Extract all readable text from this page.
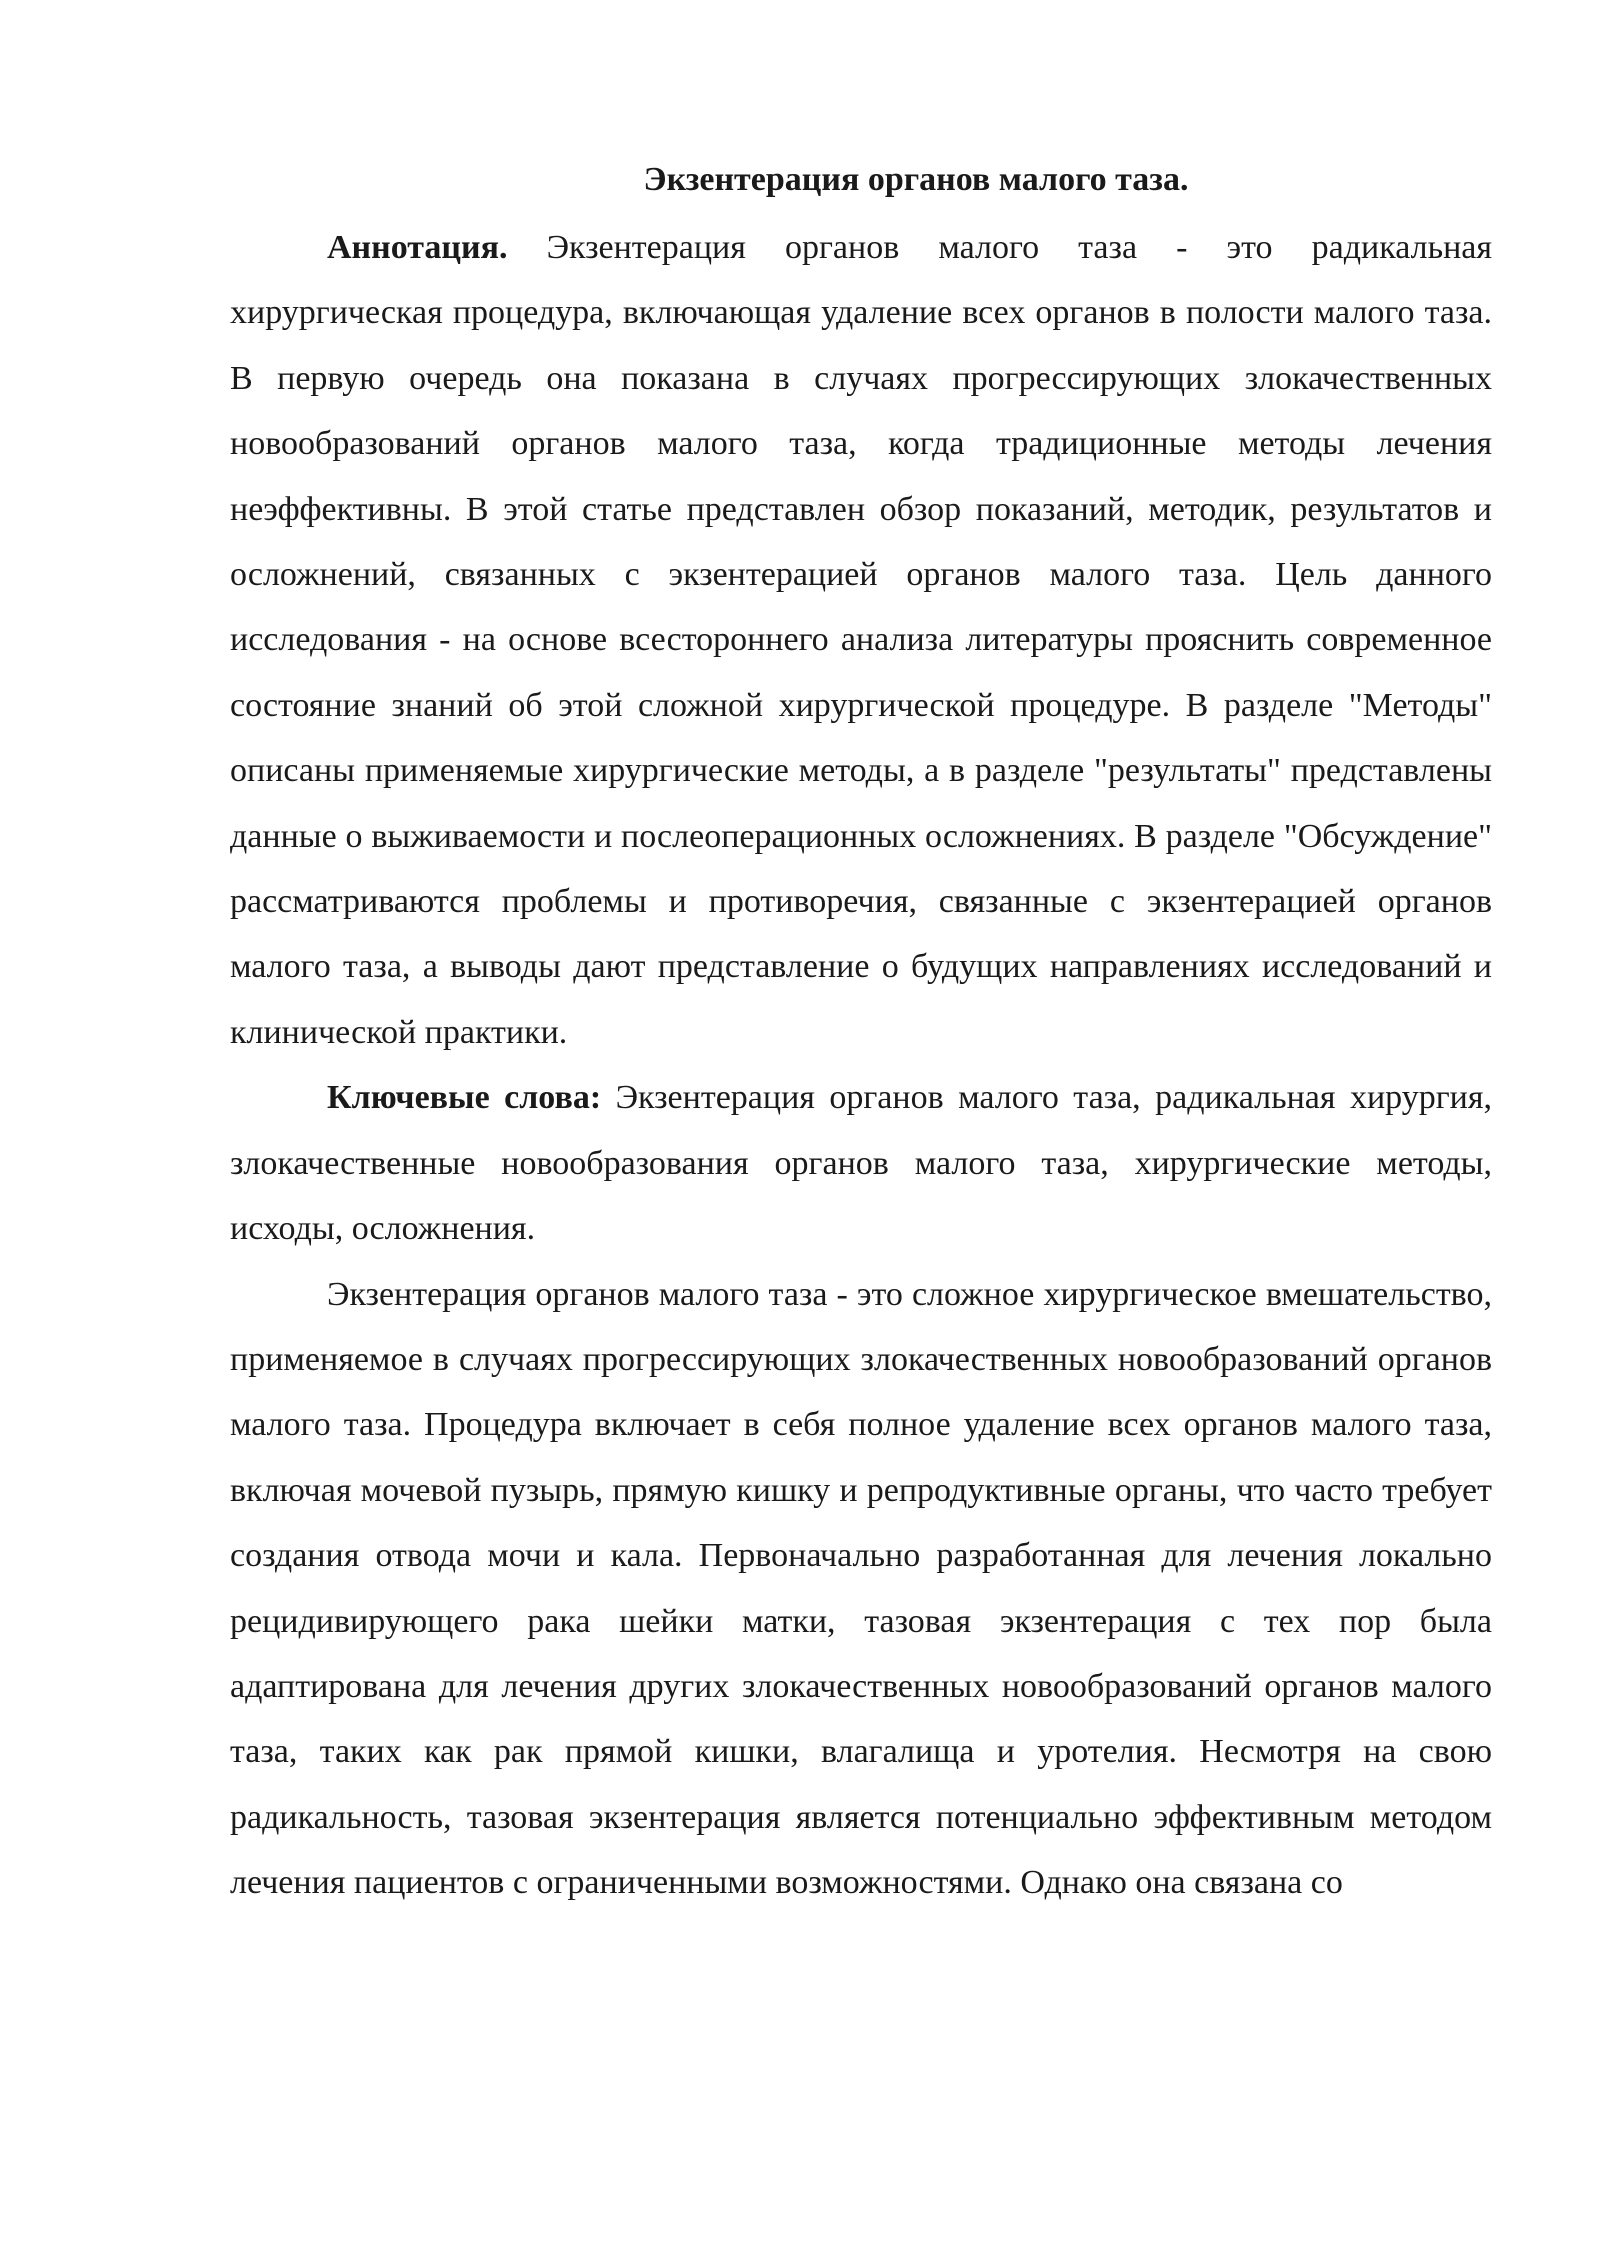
Экзентерация органов малого таза.

Аннотация. Экзентерация органов малого таза - это радикальная хирургическая процедура, включающая удаление всех органов в полости малого таза. В первую очередь она показана в случаях прогрессирующих злокачественных новообразований органов малого таза, когда традиционные методы лечения неэффективны. В этой статье представлен обзор показаний, методик, результатов и осложнений, связанных с экзентерацией органов малого таза. Цель данного исследования - на основе всестороннего анализа литературы прояснить современное состояние знаний об этой сложной хирургической процедуре. В разделе "Методы" описаны применяемые хирургические методы, а в разделе "результаты" представлены данные о выживаемости и послеоперационных осложнениях. В разделе "Обсуждение" рассматриваются проблемы и противоречия, связанные с экзентерацией органов малого таза, а выводы дают представление о будущих направлениях исследований и клинической практики.

Ключевые слова: Экзентерация органов малого таза, радикальная хирургия, злокачественные новообразования органов малого таза, хирургические методы, исходы, осложнения.

Экзентерация органов малого таза - это сложное хирургическое вмешательство, применяемое в случаях прогрессирующих злокачественных новообразований органов малого таза. Процедура включает в себя полное удаление всех органов малого таза, включая мочевой пузырь, прямую кишку и репродуктивные органы, что часто требует создания отвода мочи и кала. Первоначально разработанная для лечения локально рецидивирующего рака шейки матки, тазовая экзентерация с тех пор была адаптирована для лечения других злокачественных новообразований органов малого таза, таких как рак прямой кишки, влагалища и уротелия. Несмотря на свою радикальность, тазовая экзентерация является потенциально эффективным методом лечения пациентов с ограниченными возможностями. Однако она связана со
